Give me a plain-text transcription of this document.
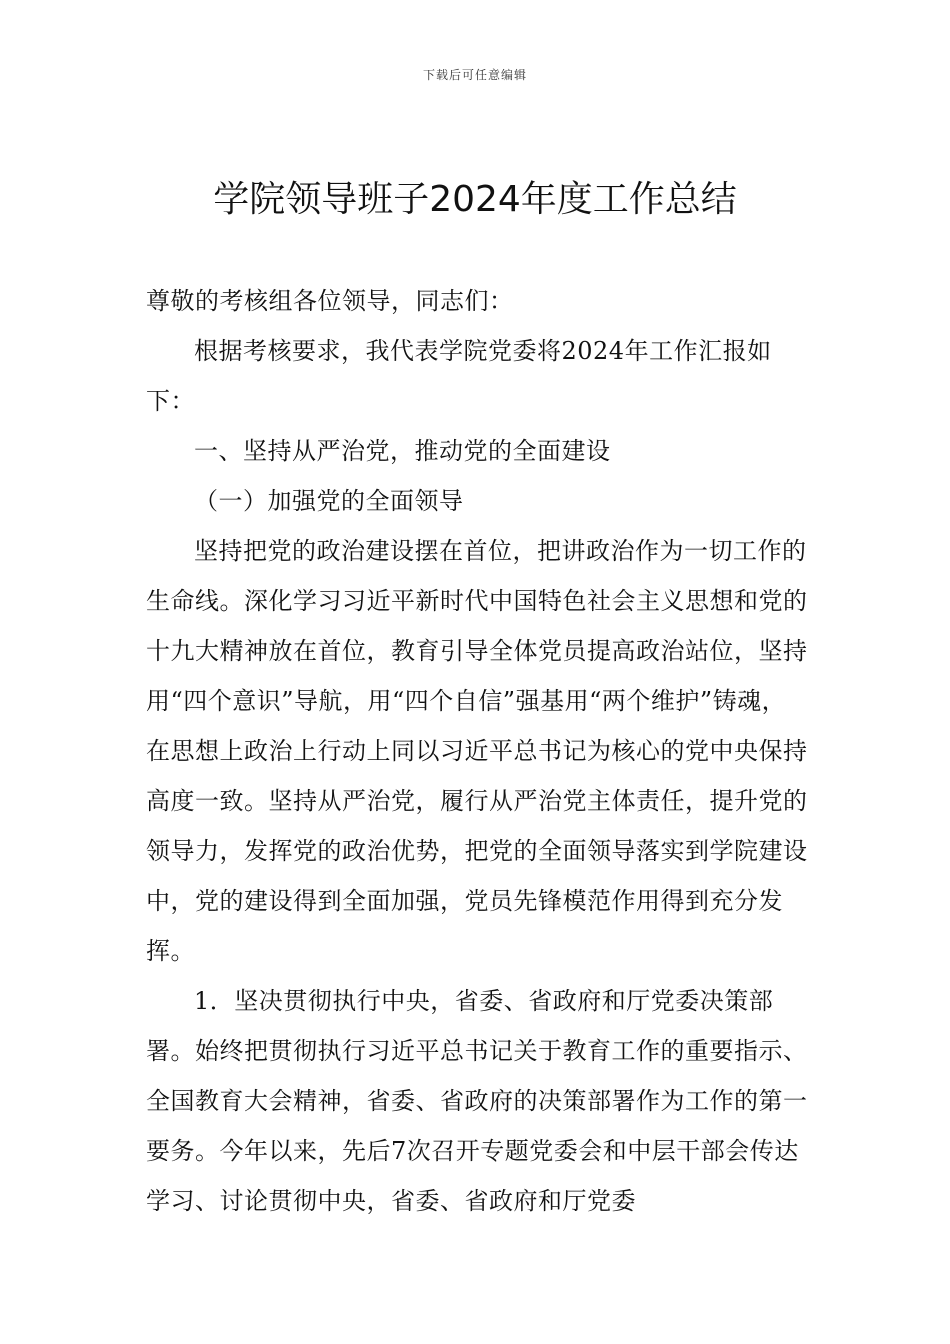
下载后可任意编辑
学院领导班子2024年度工作总结

尊敬的考核组各位领导，同志们：

根据考核要求，我代表学院党委将2024年工作汇报如下：

一、坚持从严治党，推动党的全面建设

（一）加强党的全面领导

坚持把党的政治建设摆在首位，把讲政治作为一切工作的生命线。深化学习习近平新时代中国特色社会主义思想和党的十九大精神放在首位，教育引导全体党员提高政治站位，坚持用“四个意识”导航，用“四个自信”强基用“两个维护”铸魂，在思想上政治上行动上同以习近平总书记为核心的党中央保持高度一致。坚持从严治党，履行从严治党主体责任，提升党的领导力，发挥党的政治优势，把党的全面领导落实到学院建设中，党的建设得到全面加强，党员先锋模范作用得到充分发挥。

1．坚决贯彻执行中央，省委、省政府和厅党委决策部署。始终把贯彻执行习近平总书记关于教育工作的重要指示、全国教育大会精神，省委、省政府的决策部署作为工作的第一要务。今年以来，先后7次召开专题党委会和中层干部会传达学习、讨论贯彻中央，省委、省政府和厅党委
